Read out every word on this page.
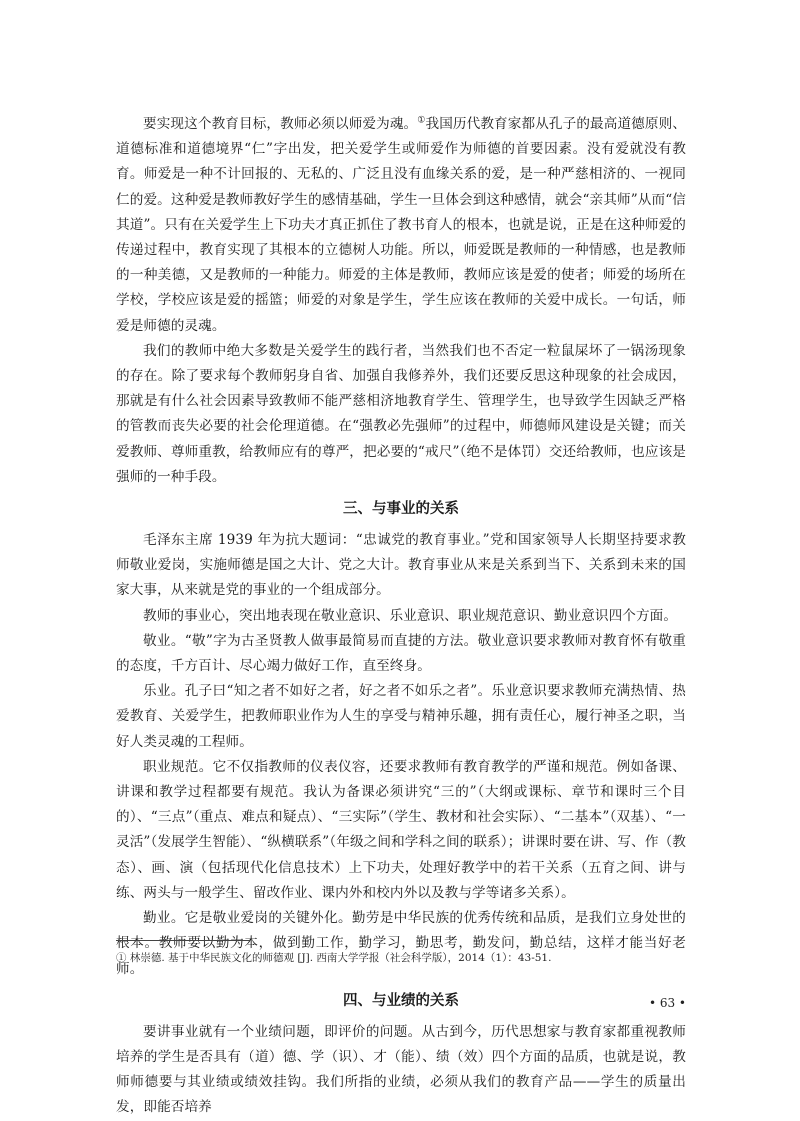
要实现这个教育目标，教师必须以师爱为魂。①我国历代教育家都从孔子的最高道德原则、道德标准和道德境界“仁”字出发，把关爱学生或师爱作为师德的首要因素。没有爱就没有教育。师爱是一种不计回报的、无私的、广泛且没有血缘关系的爱，是一种严慈相济的、一视同仁的爱。这种爱是教师教好学生的感情基础，学生一旦体会到这种感情，就会“亲其师”从而“信其道”。只有在关爱学生上下功夫才真正抓住了教书育人的根本，也就是说，正是在这种师爱的传递过程中，教育实现了其根本的立德树人功能。所以，师爱既是教师的一种情感，也是教师的一种美德，又是教师的一种能力。师爱的主体是教师，教师应该是爱的使者；师爱的场所在学校，学校应该是爱的摇篮；师爱的对象是学生，学生应该在教师的关爱中成长。一句话，师爱是师德的灵魂。

我们的教师中绝大多数是关爱学生的践行者，当然我们也不否定一粒鼠屎坏了一锅汤现象的存在。除了要求每个教师躬身自省、加强自我修养外，我们还要反思这种现象的社会成因，那就是有什么社会因素导致教师不能严慈相济地教育学生、管理学生，也导致学生因缺乏严格的管教而丧失必要的社会伦理道德。在“强教必先强师”的过程中，师德师风建设是关键；而关爱教师、尊师重教，给教师应有的尊严，把必要的“戒尺”（绝不是体罚）交还给教师，也应该是强师的一种手段。

三、与事业的关系

毛泽东主席 1939 年为抗大题词：“忠诚党的教育事业。”党和国家领导人长期坚持要求教师敬业爱岗，实施师德是国之大计、党之大计。教育事业从来是关系到当下、关系到未来的国家大事，从来就是党的事业的一个组成部分。

教师的事业心，突出地表现在敬业意识、乐业意识、职业规范意识、勤业意识四个方面。

敬业。“敬”字为古圣贤教人做事最简易而直捷的方法。敬业意识要求教师对教育怀有敬重的态度，千方百计、尽心竭力做好工作，直至终身。

乐业。孔子曰“知之者不如好之者，好之者不如乐之者”。乐业意识要求教师充满热情、热爱教育、关爱学生，把教师职业作为人生的享受与精神乐趣，拥有责任心，履行神圣之职，当好人类灵魂的工程师。

职业规范。它不仅指教师的仪表仪容，还要求教师有教育教学的严谨和规范。例如备课、讲课和教学过程都要有规范。我认为备课必须讲究“三的”（大纲或课标、章节和课时三个目的）、“三点”（重点、难点和疑点）、“三实际”（学生、教材和社会实际）、“二基本”（双基）、“一灵活”（发展学生智能）、“纵横联系”（年级之间和学科之间的联系）；讲课时要在讲、写、作（教态）、画、演（包括现代化信息技术）上下功夫，处理好教学中的若干关系（五育之间、讲与练、两头与一般学生、留改作业、课内外和校内外以及教与学等诸多关系）。

勤业。它是敬业爱岗的关键外化。勤劳是中华民族的优秀传统和品质，是我们立身处世的根本。教师要以勤为本，做到勤工作，勤学习，勤思考，勤发问，勤总结，这样才能当好老师。

四、与业绩的关系

要讲事业就有一个业绩问题，即评价的问题。从古到今，历代思想家与教育家都重视教师培养的学生是否具有（道）德、学（识）、才（能）、绩（效）四个方面的品质，也就是说，教师师德要与其业绩或绩效挂钩。我们所指的业绩，必须从我们的教育产品——学生的质量出发，即能否培养

① 林崇德. 基于中华民族文化的师德观 [J]. 西南大学学报（社会科学版），2014（1）：43-51.
• 63 •
